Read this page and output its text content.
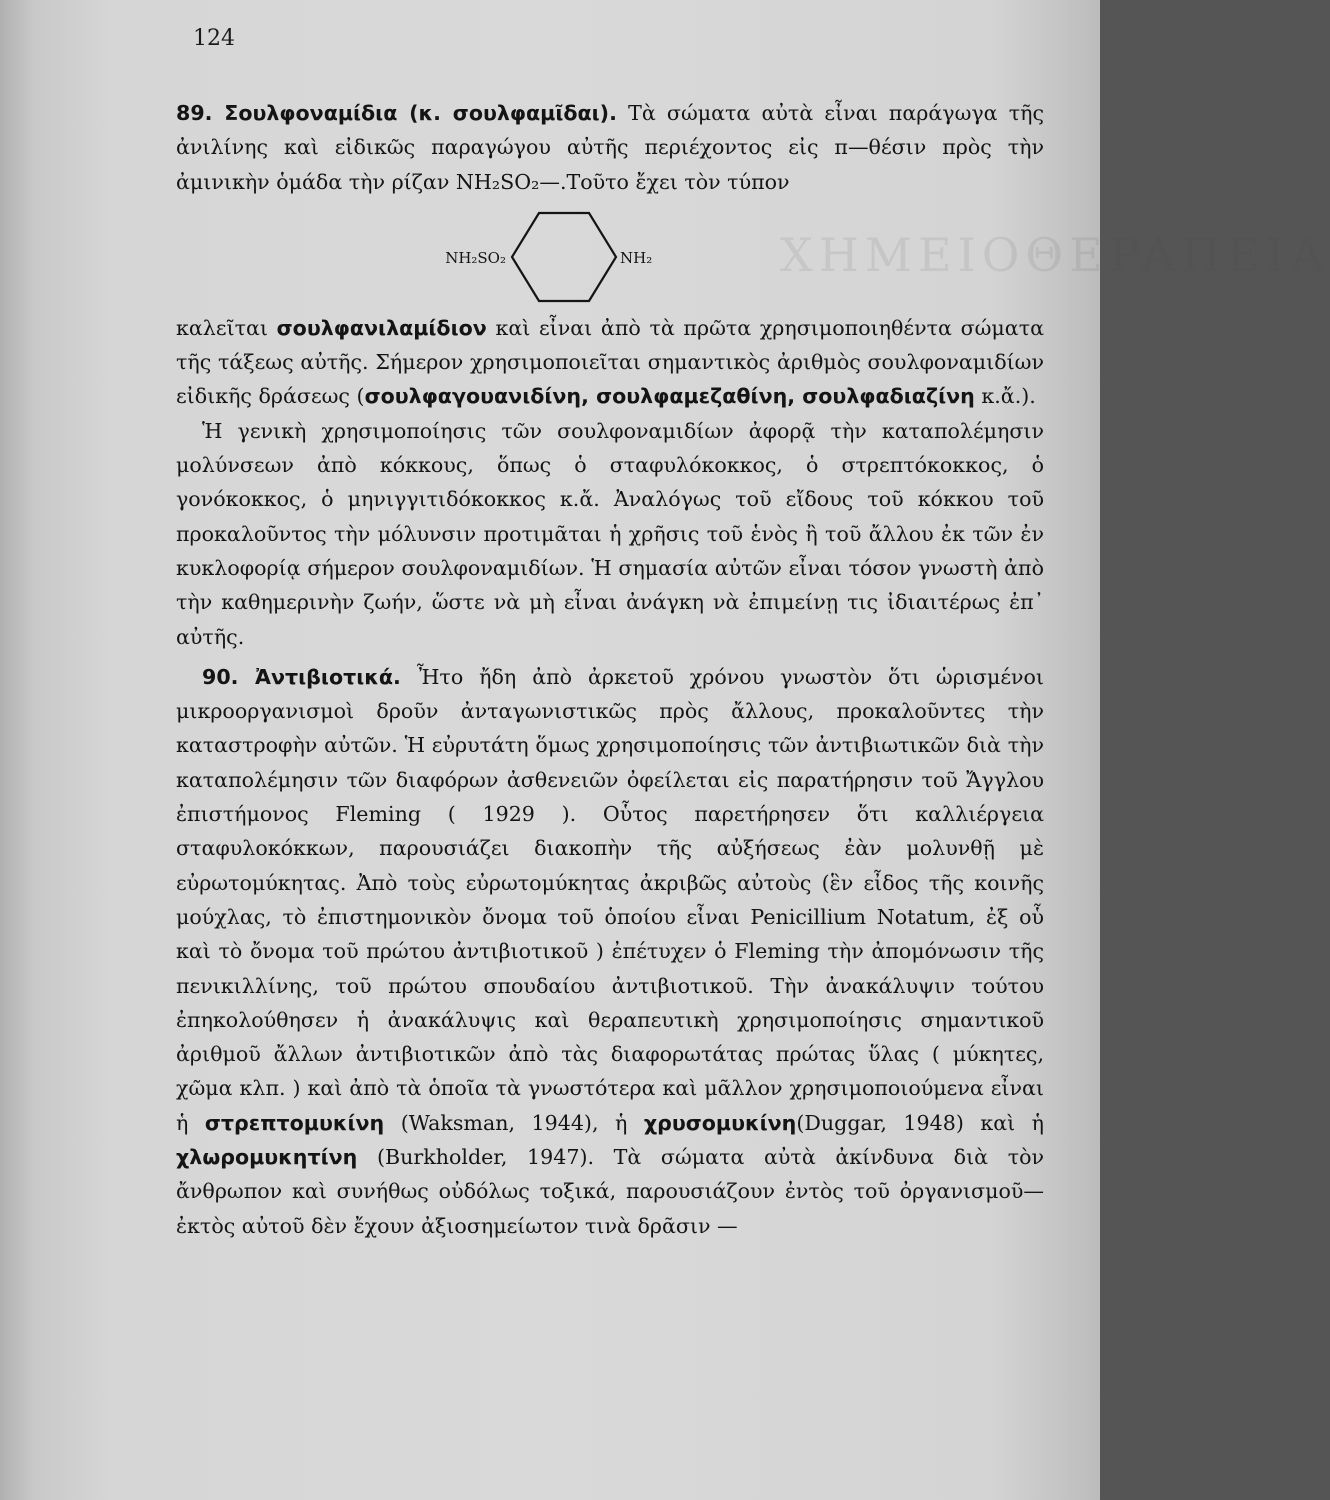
XHMEIOΘEPAΠEIA
124

89. Σουλφοναμίδια (κ. σουλφαμῖδαι). Τὰ σώματα αὐτὰ εἶναι παράγωγα τῆς ἀνιλίνης καὶ εἰδικῶς παραγώγου αὐτῆς περιέχοντος εἰς π—θέσιν πρὸς τὴν ἀμινικὴν ὁμάδα τὴν ρίζαν NH₂SO₂—.Τοῦτο ἔχει τὸν τύπον

NH₂SO₂	NH₂

καλεῖται σουλφανιλαμίδιον καὶ εἶναι ἀπὸ τὰ πρῶτα χρησιμοποιηθέντα σώματα τῆς τάξεως αὐτῆς. Σήμερον χρησιμοποιεῖται σημαντικὸς ἀριθμὸς σουλφοναμιδίων εἰδικῆς δράσεως (σουλφαγουανιδίνη, σουλφαμεζαθίνη, σουλφαδιαζίνη κ.ἄ.).

Ἡ γενικὴ χρησιμοποίησις τῶν σουλφοναμιδίων ἀφορᾷ τὴν καταπολέμησιν μολύνσεων ἀπὸ κόκκους, ὅπως ὁ σταφυλόκοκκος, ὁ στρεπτόκοκκος, ὁ γονόκοκκος, ὁ μηνιγγιτιδόκοκκος κ.ἄ. Ἀναλόγως τοῦ εἴδους τοῦ κόκκου τοῦ προκαλοῦντος τὴν μόλυνσιν προτιμᾶται ἡ χρῆσις τοῦ ἑνὸς ἢ τοῦ ἄλλου ἐκ τῶν ἐν κυκλοφορίᾳ σήμερον σουλφοναμιδίων. Ἡ σημασία αὐτῶν εἶναι τόσον γνωστὴ ἀπὸ τὴν καθημερινὴν ζωήν, ὥστε νὰ μὴ εἶναι ἀνάγκη νὰ ἐπιμείνῃ τις ἰδιαιτέρως ἐπ᾽ αὐτῆς.

90. Ἀντιβιοτικά. Ἦτο ἤδη ἀπὸ ἀρκετοῦ χρόνου γνωστὸν ὅτι ὡρισμένοι μικροοργανισμοὶ δροῦν ἀνταγωνιστικῶς πρὸς ἄλλους, προκαλοῦντες τὴν καταστροφὴν αὐτῶν. Ἡ εὐρυτάτη ὅμως χρησιμοποίησις τῶν ἀντιβιωτικῶν διὰ τὴν καταπολέμησιν τῶν διαφόρων ἀσθενειῶν ὀφείλεται εἰς παρατήρησιν τοῦ Ἄγγλου ἐπιστήμονος Fleming ( 1929 ). Οὗτος παρετήρησεν ὅτι καλλιέργεια σταφυλοκόκκων, παρουσιάζει διακοπὴν τῆς αὐξήσεως ἐὰν μολυνθῇ μὲ εὐρωτομύκητας. Ἀπὸ τοὺς εὐρωτομύκητας ἀκριβῶς αὐτοὺς (ἓν εἶδος τῆς κοινῆς μούχλας, τὸ ἐπιστημονικὸν ὄνομα τοῦ ὁποίου εἶναι Penicillium Notatum, ἐξ οὗ καὶ τὸ ὄνομα τοῦ πρώτου ἀντιβιοτικοῦ ) ἐπέτυχεν ὁ Fleming τὴν ἀπομόνωσιν τῆς πενικιλλίνης, τοῦ πρώτου σπουδαίου ἀντιβιοτικοῦ. Τὴν ἀνακάλυψιν τούτου ἐπηκολούθησεν ἡ ἀνακάλυψις καὶ θεραπευτικὴ χρησιμοποίησις σημαντικοῦ ἀριθμοῦ ἄλλων ἀντιβιοτικῶν ἀπὸ τὰς διαφορωτάτας πρώτας ὕλας ( μύκητες, χῶμα κλπ. ) καὶ ἀπὸ τὰ ὁποῖα τὰ γνωστότερα καὶ μᾶλλον χρησιμοποιούμενα εἶναι ἡ στρεπτομυκίνη (Waksman, 1944), ἡ χρυσομυκίνη(Duggar, 1948) καὶ ἡ χλωρομυκητίνη (Burkholder, 1947). Τὰ σώματα αὐτὰ ἀκίνδυνα διὰ τὸν ἄνθρωπον καὶ συνήθως οὐδόλως τοξικά, παρουσιάζουν ἐντὸς τοῦ ὀργανισμοῦ—ἐκτὸς αὐτοῦ δὲν ἔχουν ἀξιοσημείωτον τινὰ δρᾶσιν —
